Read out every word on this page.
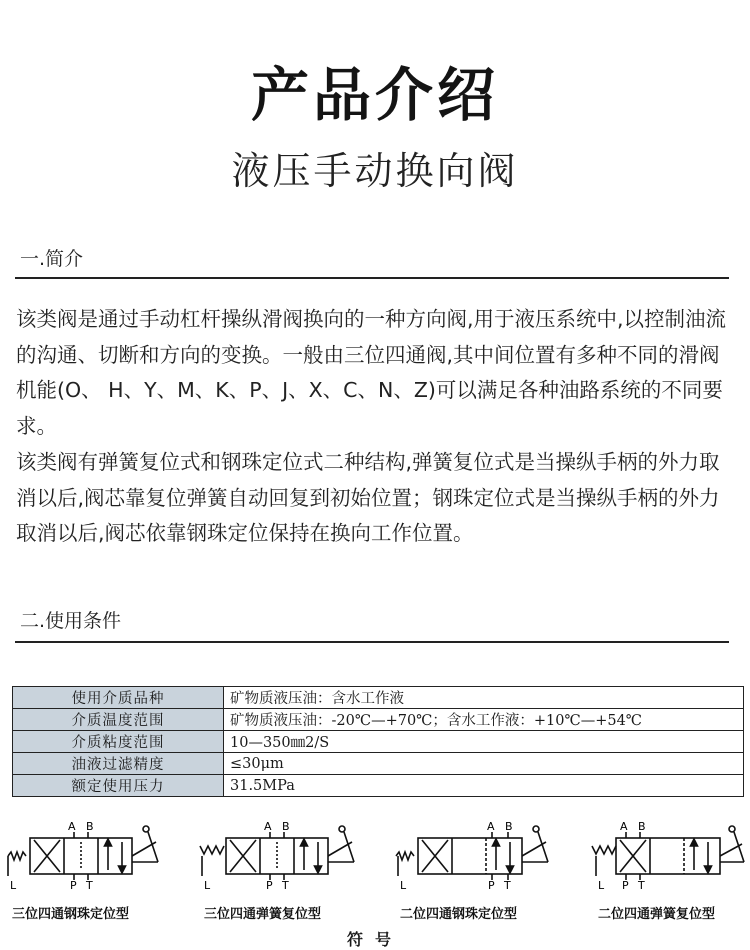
产品介绍
液压手动换向阀
一.简介

该类阀是通过手动杠杆操纵滑阀换向的一种方向阀,用于液压系统中,以控制油流的沟通、切断和方向的变换。一般由三位四通阀,其中间位置有多种不同的滑阀机能(O、 H、Y、M、K、P、J、X、C、N、Z)可以满足各种油路系统的不同要求。

该类阀有弹簧复位式和钢珠定位式二种结构,弹簧复位式是当操纵手柄的外力取消以后,阀芯靠复位弹簧自动回复到初始位置；钢珠定位式是当操纵手柄的外力取消以后,阀芯依靠钢珠定位保持在换向工作位置。

二.使用条件
使用介质品种	矿物质液压油：含水工作液
介质温度范围	矿物质液压油：-20℃—+70℃；含水工作液：+10℃—+54℃
介质粘度范围	10—350㎜2/S
油液过滤精度	≤30μm
额定使用压力	31.5MPa
A B
P T
L
A B
P T
L
A B
P T
L
A B
P T
L
三位四通钢珠定位型	三位四通弹簧复位型	二位四通钢珠定位型	二位四通弹簧复位型
符号
